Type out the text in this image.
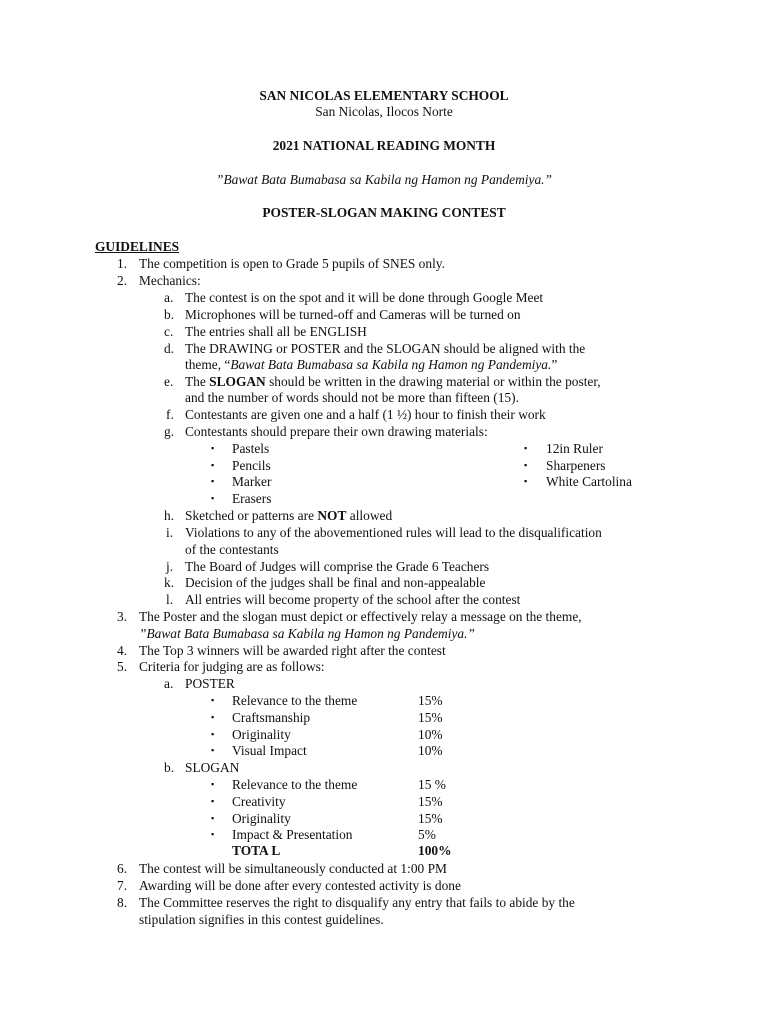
SAN NICOLAS ELEMENTARY SCHOOL
San Nicolas, Ilocos Norte
2021 NATIONAL READING MONTH
”Bawat Bata Bumabasa sa Kabila ng Hamon ng Pandemiya.”
POSTER-SLOGAN MAKING CONTEST
GUIDELINES
1. The competition is open to Grade 5 pupils of SNES only.
2. Mechanics:
a. The contest is on the spot and it will be done through Google Meet
b. Microphones will be turned-off and Cameras will be turned on
c. The entries shall all be ENGLISH
d. The DRAWING or POSTER and the SLOGAN should be aligned with the
theme, “Bawat Bata Bumabasa sa Kabila ng Hamon ng Pandemiya.”
e. The SLOGAN should be written in the drawing material or within the poster,
and the number of words should not be more than fifteen (15).
f. Contestants are given one and a half (1 ½) hour to finish their work
g. Contestants should prepare their own drawing materials:
▪ Pastels
▪ Pencils
▪ Marker
▪ Erasers
▪ 12in Ruler
▪ Sharpeners
▪ White Cartolina
h. Sketched or patterns are NOT allowed
i. Violations to any of the abovementioned rules will lead to the disqualification
of the contestants
j. The Board of Judges will comprise the Grade 6 Teachers
k. Decision of the judges shall be final and non-appealable
l. All entries will become property of the school after the contest
3. The Poster and the slogan must depict or effectively relay a message on the theme,
”Bawat Bata Bumabasa sa Kabila ng Hamon ng Pandemiya.”
4. The Top 3 winners will be awarded right after the contest
5. Criteria for judging are as follows:
a. POSTER
▪ Relevance to the theme	15%
▪ Craftsmanship	15%
▪ Originality	10%
▪ Visual Impact	10%
b. SLOGAN
▪ Relevance to the theme	15 %
▪ Creativity	15%
▪ Originality	15%
▪ Impact & Presentation	5%
TOTA L	100%
6. The contest will be simultaneously conducted at 1:00 PM
7. Awarding will be done after every contested activity is done
8. The Committee reserves the right to disqualify any entry that fails to abide by the
stipulation signifies in this contest guidelines.
